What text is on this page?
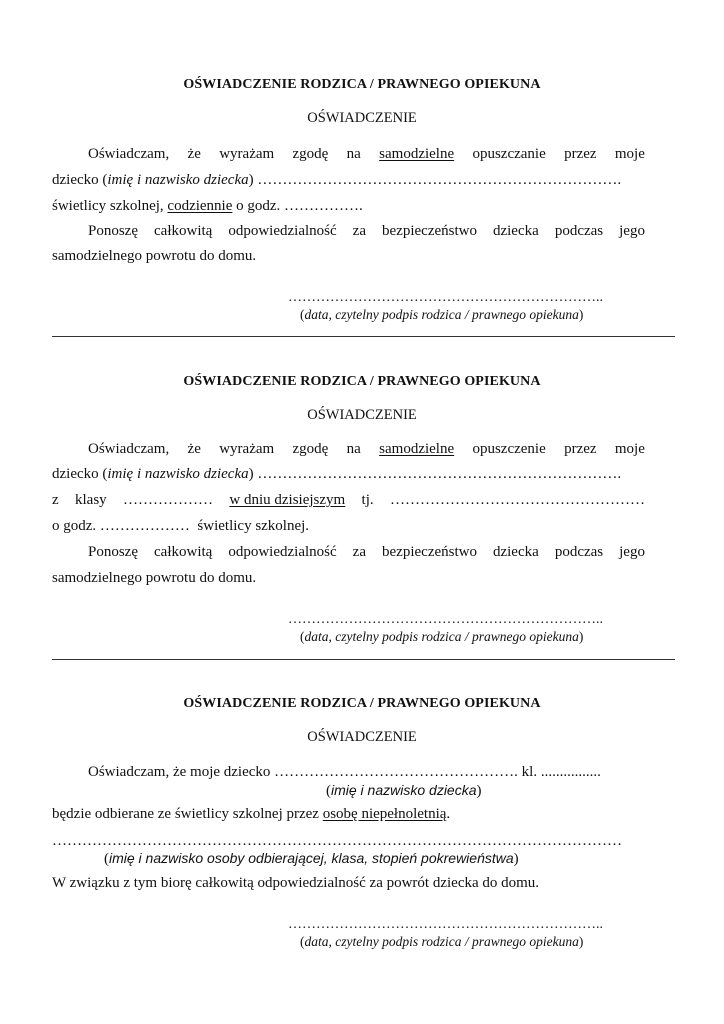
OŚWIADCZENIE RODZICA / PRAWNEGO OPIEKUNA
OŚWIADCZENIE
Oświadczam, że wyrażam zgodę na samodzielne opuszczanie przez moje
dziecko (imię i nazwisko dziecka) ……………………………………………………………….
świetlicy szkolnej, codziennie o godz. …………….
Ponoszę całkowitą odpowiedzialność za bezpieczeństwo dziecka podczas jego
samodzielnego powrotu do domu.
…………………………………………………………..
(data, czytelny podpis rodzica / prawnego opiekuna)
OŚWIADCZENIE RODZICA / PRAWNEGO OPIEKUNA
OŚWIADCZENIE
Oświadczam, że wyrażam zgodę na samodzielne opuszczenie przez moje
dziecko (imię i nazwisko dziecka) ……………………………………………………………….
z klasy ……………… w dniu dzisiejszym tj. ……………………………………………
o godz. ………………  świetlicy szkolnej.
Ponoszę całkowitą odpowiedzialność za bezpieczeństwo dziecka podczas jego
samodzielnego powrotu do domu.
…………………………………………………………..
(data, czytelny podpis rodzica / prawnego opiekuna)
OŚWIADCZENIE RODZICA / PRAWNEGO OPIEKUNA
OŚWIADCZENIE
Oświadczam, że moje dziecko …………………………………………. kl. ................
(imię i nazwisko dziecka)
będzie odbierane ze świetlicy szkolnej przez osobę niepełnoletnią.
……………………………………………………………………………………………………
(imię i nazwisko osoby odbierającej, klasa, stopień pokrewieństwa)
W związku z tym biorę całkowitą odpowiedzialność za powrót dziecka do domu.
…………………………………………………………..
(data, czytelny podpis rodzica / prawnego opiekuna)
